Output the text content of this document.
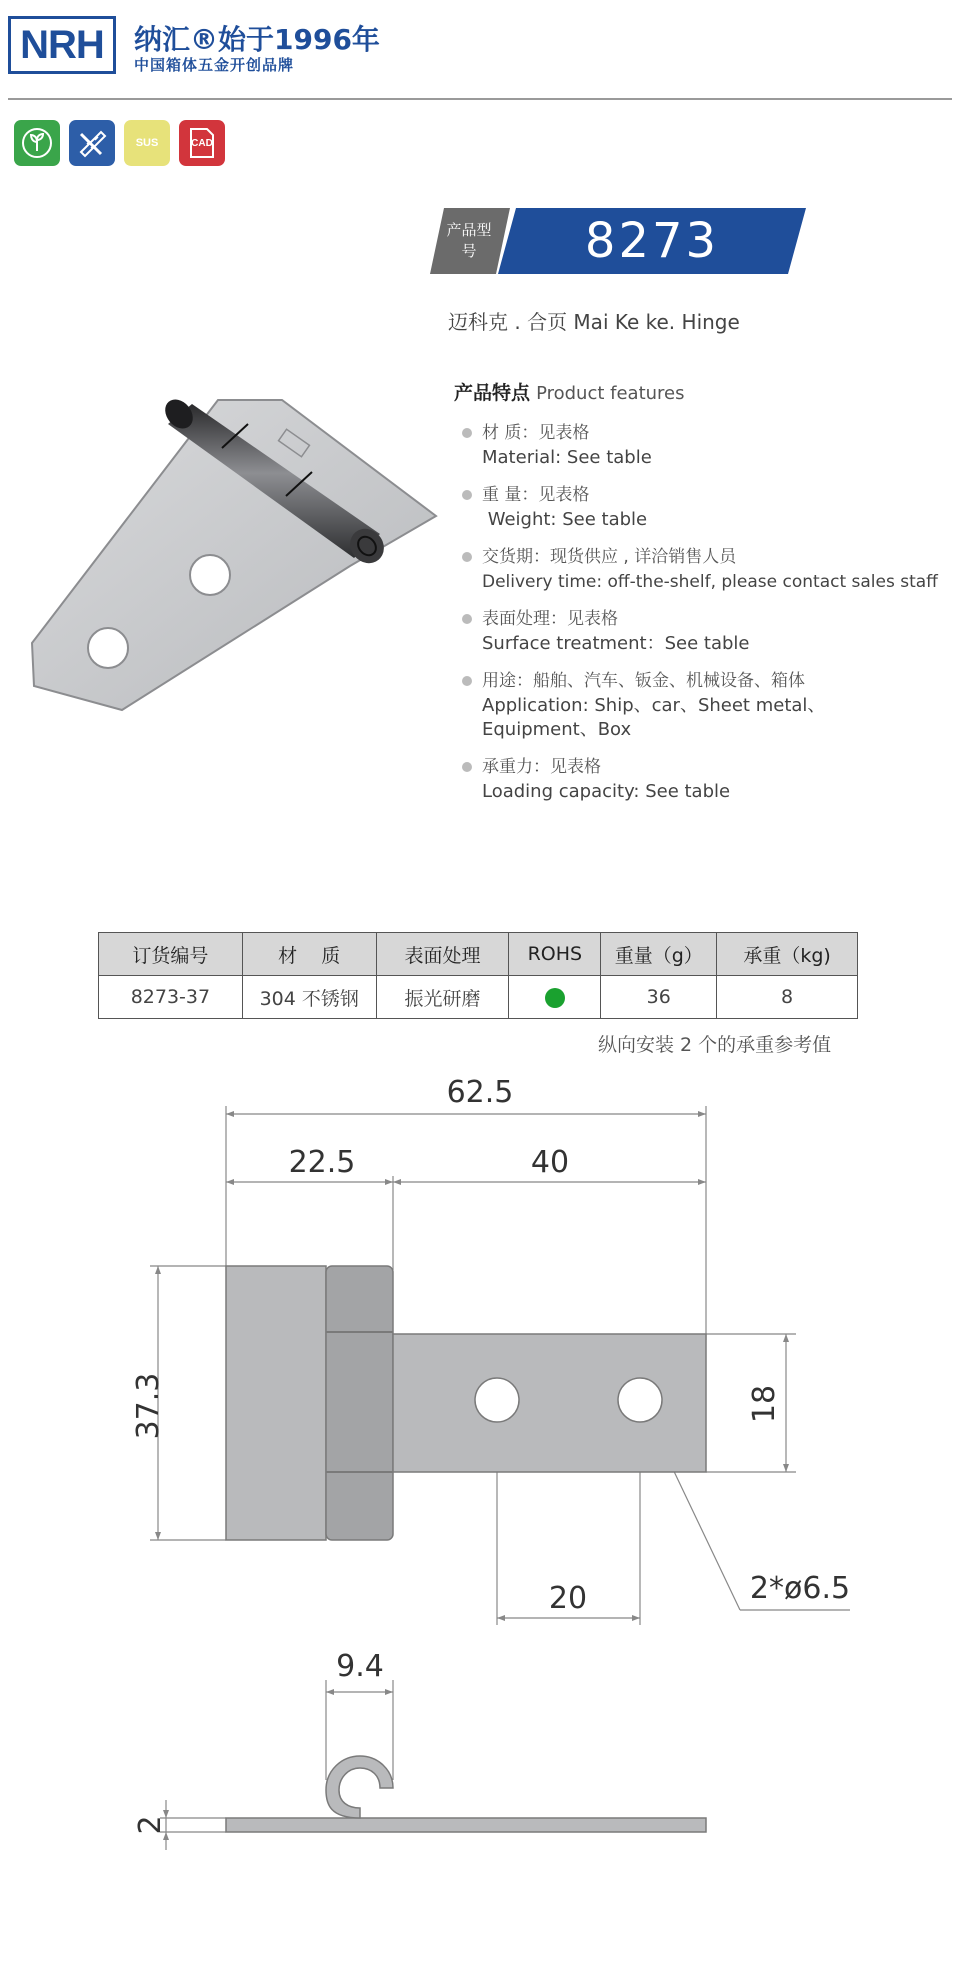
NRH	纳汇®始于1996年
中国箱体五金开创品牌
SUS	CAD
产品型号	8273
迈科克 . 合页 Mai Ke ke. Hinge
产品特点 Product features
材 质：见表格
Material: See table
重 量：见表格
Weight: See table
交货期：现货供应 , 详洽销售人员
Delivery time: off-the-shelf, please contact sales staff
表面处理：见表格
Surface treatment：See table
用途：船舶、汽车、钣金、机械设备、箱体
Application: Ship、car、Sheet metal、Equipment、Box
承重力：见表格
Loading capacity: See table
订货编号	材    质	表面处理	ROHS	重量（g）	承重（kg)
8273-37	304 不锈钢	振光研磨		36	8
纵向安装 2 个的承重参考值
62.5
22.5	40
37.3	18
20	2*ø6.5
9.4
2
